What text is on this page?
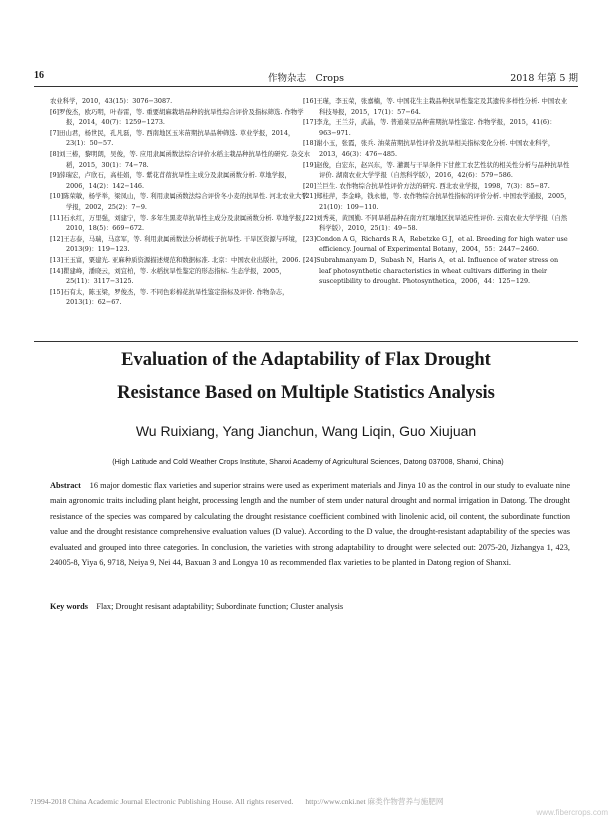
16	作物杂志　Crops	2018 年第 5 期

农业科学，2010，43(15)：3076−3087.

[6]罗俊杰，欧巧明，叶春雷，等. 重要胡麻栽培品种的抗旱性综合评价及指标筛选. 作物学报，2014，40(7)：1259−1273.

[7]田山君，杨世民，孔凡磊，等. 西南地区玉米苗期抗旱品种筛选. 草业学报，2014，23(1)：50−57.

[8]刘三椿，黎明朗，吴俊，等. 应用隶属函数法综合评价水稻主栽品种抗旱性的研究. 杂交水稻，2015，30(1)：74−78.

[9]薛瑞宏，卢欣石，高桂娟，等. 紫花苜蓿抗旱性主成分及隶属函数分析. 草地学报，2006，14(2)：142−146.

[10]陈荣敏，杨学举，梁凤山，等. 利用隶属函数法综合评价冬小麦的抗旱性. 河北农业大学学报，2002，25(2)：7−9.

[11]石永红，万里强，刘建宁，等. 多年生黑麦草抗旱性主成分及隶属函数分析. 草地学报，2010，18(5)：669−672.

[12]王志泰，马瑞，马彦军，等. 利用隶属函数法分析胡枝子抗旱性. 干旱区资源与环境，2013(9)：119−123.

[13]王玉富，粟建光. 亚麻种质资源描述规范和数据标准. 北京：中国农业出版社，2006.

[14]瞿建峰，潘晓云，刘宜柏，等. 水稻抗旱性鉴定的形态指标. 生态学报，2005，25(11)：3117−3125.

[15]石有太，陈玉梁，罗俊杰，等. 不同色彩棉花抗旱性鉴定指标及评价. 作物杂志，2013(1)：62−67.

[16]王瑾，李玉荣，张嘉楠，等. 中国花生主栽品种抗旱性鉴定及其遗传多样性分析. 中国农业科技导报，2015，17(1)：57−64.

[17]李龙，王兰芬，武晶，等. 普通菜豆品种苗期抗旱性鉴定. 作物学报，2015，41(6)：963−971.

[18]谢小玉，张霞，张兵. 油菜苗期抗旱性评价及抗旱相关指标变化分析. 中国农业科学，2013，46(3)：476−485.

[19]赵俊，白宏东，赵兴东，等. 灌溉与干旱条件下甘蔗工农艺性状的相关性分析与品种抗旱性评价. 湖南农业大学学报（自然科学版），2016，42(6)：579−586.

[20]兰巨生. 农作物综合抗旱性评价方法的研究. 西北农业学报，1998，7(3)：85−87.

[21]郑桂萍，李金峰，钱永德，等. 农作物综合抗旱性指标的评价分析. 中国农学通报，2005，21(10)：109−110.

[22]刘秀英，黄国勤. 不同旱稻品种在南方红壤地区抗旱适应性评价. 云南农业大学学报（自然科学版），2010，25(1)：49−58.

[23]Condon A G，Richards R A，Rebetzke G J，et al. Breeding for high water use efficiency. Journal of Experimental Botany，2004，55：2447−2460.

[24]Subrahmanyam D，Subash N，Haris A，et al. Influence of water stress on leaf photosynthetic characteristics in wheat cultivars differing in their susceptibility to drought. Photosynthetica，2006，44：125−129.

Evaluation of the Adaptability of Flax Drought
Resistance Based on Multiple Statistics Analysis
Wu Ruixiang, Yang Jianchun, Wang Liqin, Guo Xiujuan
(High Latitude and Cold Weather Crops Institute, Shanxi Academy of Agricultural Sciences, Datong 037008, Shanxi, China)
Abstract 16 major domestic flax varieties and superior strains were used as experiment materials and Jinya 10 as the control in our study to evaluate nine main agronomic traits including plant height, processing length and the number of stem under natural drought and normal irrigation in Datong. The drought resistance of the species was compared by calculating the drought resistance coefficient combined with linolenic acid, oil content, the subordinate function value and the drought resistance comprehensive evaluation values (D value). According to the D value, the drought-resistant adaptability of the species was evaluated and grouped into three categories. In conclusion, the varieties with strong adaptability to drought were selected out: 2075-20, Jizhangya 1, 423, 24005-8, Yiya 6, 9718, Neiya 9, Nei 44, Baxuan 3 and Longya 10 as recommended flax varieties to be planted in Datong region of Shanxi.
Key words Flax; Drought resisant adaptability; Subordinate function; Cluster analysis
?1994-2018 China Academic Journal Electronic Publishing House. All rights reserved. http://www.cnki.net 麻类作物营养与施肥网
www.fibercrops.com
